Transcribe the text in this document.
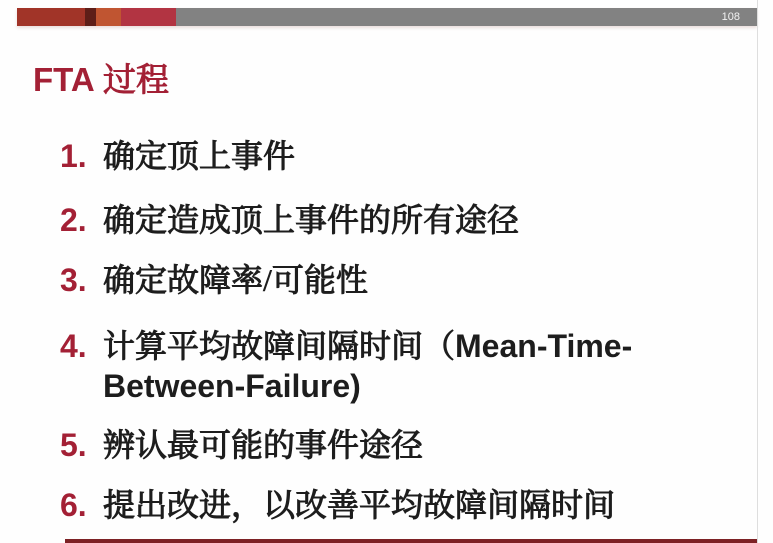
108
FTA 过程
1. 确定顶上事件
2. 确定造成顶上事件的所有途径
3. 确定故障率/可能性
4. 计算平均故障间隔时间（Mean-Time-
Between-Failure)
5. 辨认最可能的事件途径
6. 提出改进，以改善平均故障间隔时间
